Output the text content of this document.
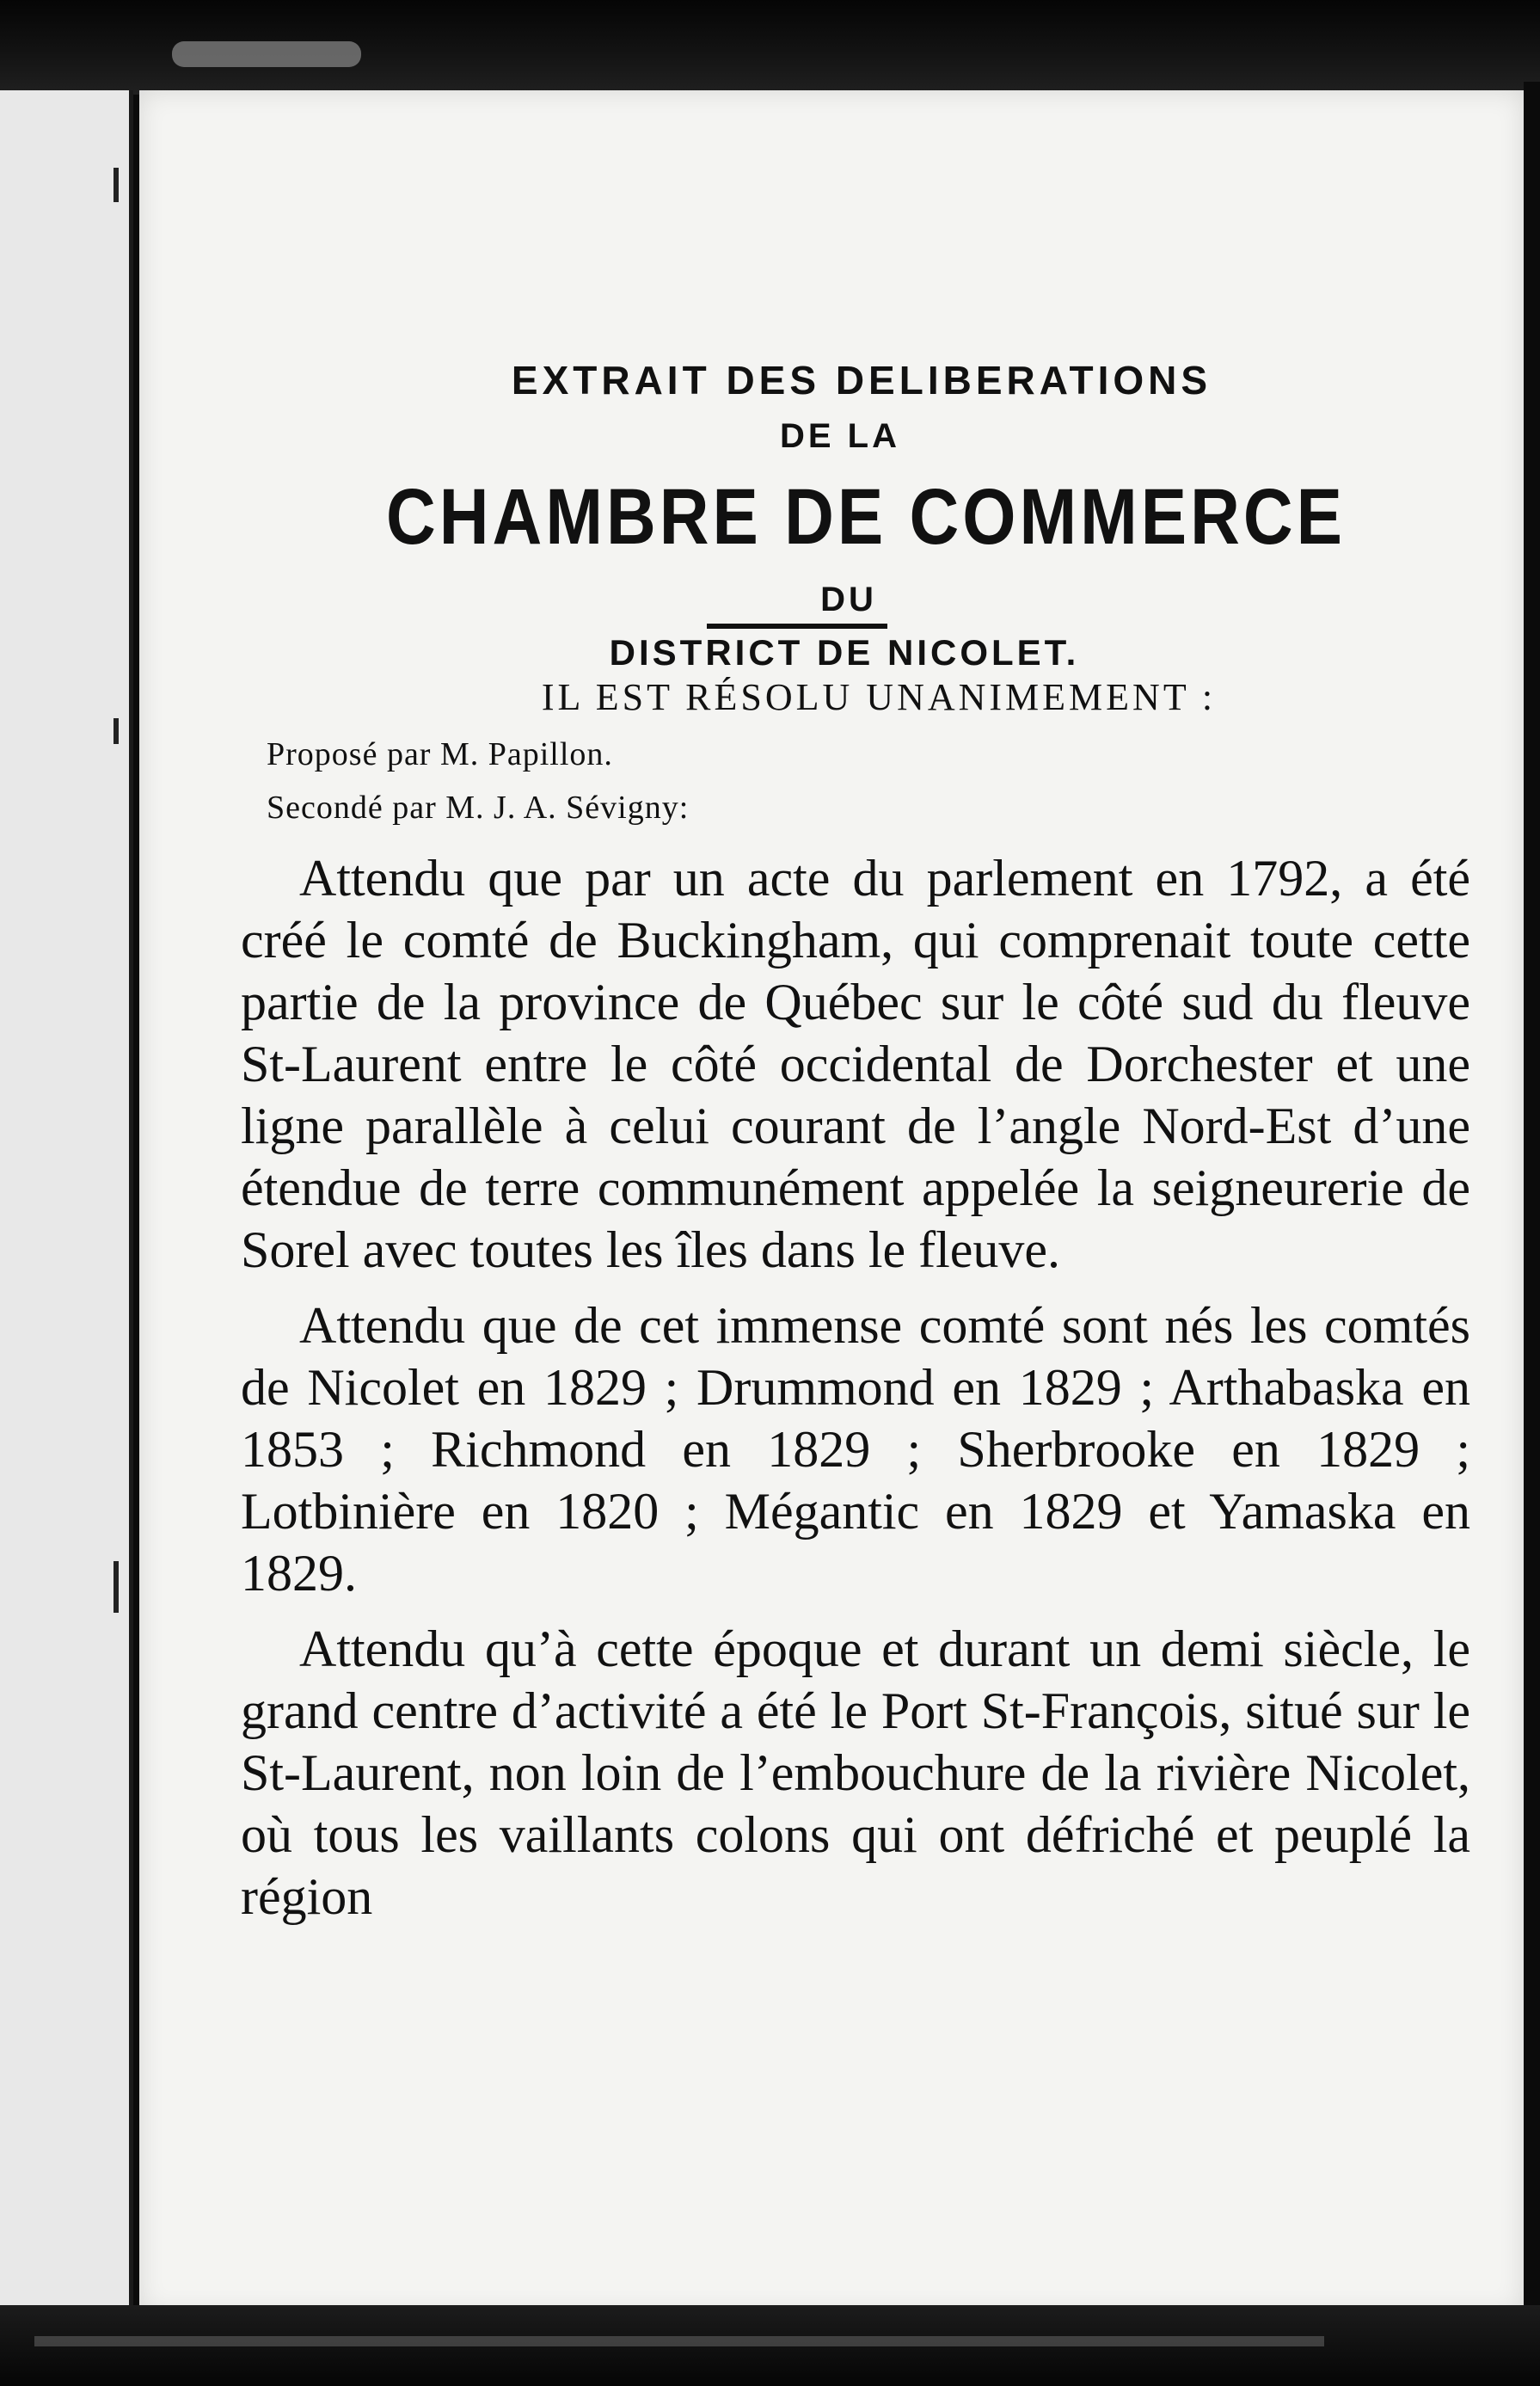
EXTRAIT DES DELIBERATIONS
DE LA
CHAMBRE DE COMMERCE
DU
DISTRICT DE NICOLET.
IL EST RÉSOLU UNANIMEMENT :
Proposé par M. Papillon.
Secondé par M. J. A. Sévigny:

Attendu que par un acte du parlement en 1792, a été créé le comté de Buckingham, qui comprenait toute cette partie de la province de Québec sur le côté sud du fleuve St-Laurent entre le côté occidental de Dorchester et une ligne parallèle à celui courant de l’angle Nord-Est d’une étendue de terre communément appelée la seigneurerie de Sorel avec toutes les îles dans le fleuve.

Attendu que de cet immense comté sont nés les comtés de Nicolet en 1829 ; Drummond en 1829 ; Arthabaska en 1853 ; Richmond en 1829 ; Sherbrooke en 1829 ; Lotbinière en 1820 ; Mégantic en 1829 et Yamaska en 1829.

Attendu qu’à cette époque et durant un demi siècle, le grand centre d’activité a été le Port St-François, situé sur le St-Laurent, non loin de l’embouchure de la rivière Nicolet, où tous les vaillants colons qui ont défriché et peuplé la région
